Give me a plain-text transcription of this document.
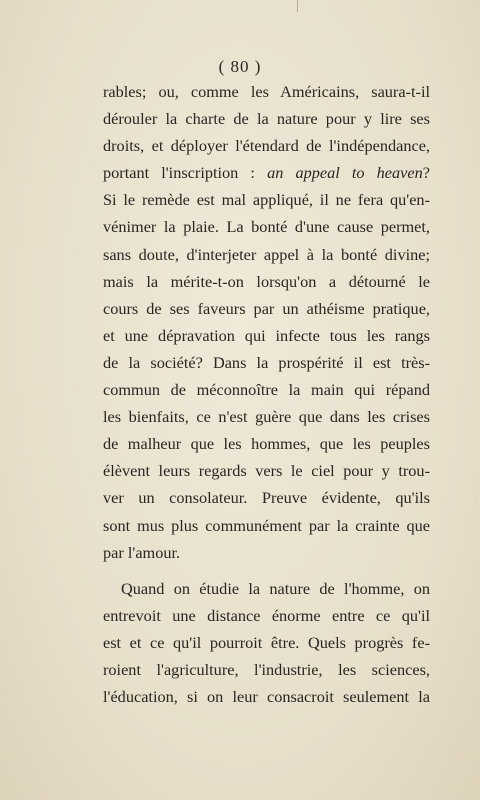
( 80 )
rables; ou, comme les Américains, saura-t-il
dérouler la charte de la nature pour y lire ses
droits, et déployer l'étendard de l'indépendance,
portant l'inscription : an appeal to heaven?
Si le remède est mal appliqué, il ne fera qu'en-
vénimer la plaie. La bonté d'une cause permet,
sans doute, d'interjeter appel à la bonté divine;
mais la mérite-t-on lorsqu'on a détourné le
cours de ses faveurs par un athéisme pratique,
et une dépravation qui infecte tous les rangs
de la société? Dans la prospérité il est très-
commun de méconnoître la main qui répand
les bienfaits, ce n'est guère que dans les crises
de malheur que les hommes, que les peuples
élèvent leurs regards vers le ciel pour y trou-
ver un consolateur. Preuve évidente, qu'ils
sont mus plus communément par la crainte que
par l'amour.
Quand on étudie la nature de l'homme, on
entrevoit une distance énorme entre ce qu'il
est et ce qu'il pourroit être. Quels progrès fe-
roient l'agriculture, l'industrie, les sciences,
l'éducation, si on leur consacroit seulement la
